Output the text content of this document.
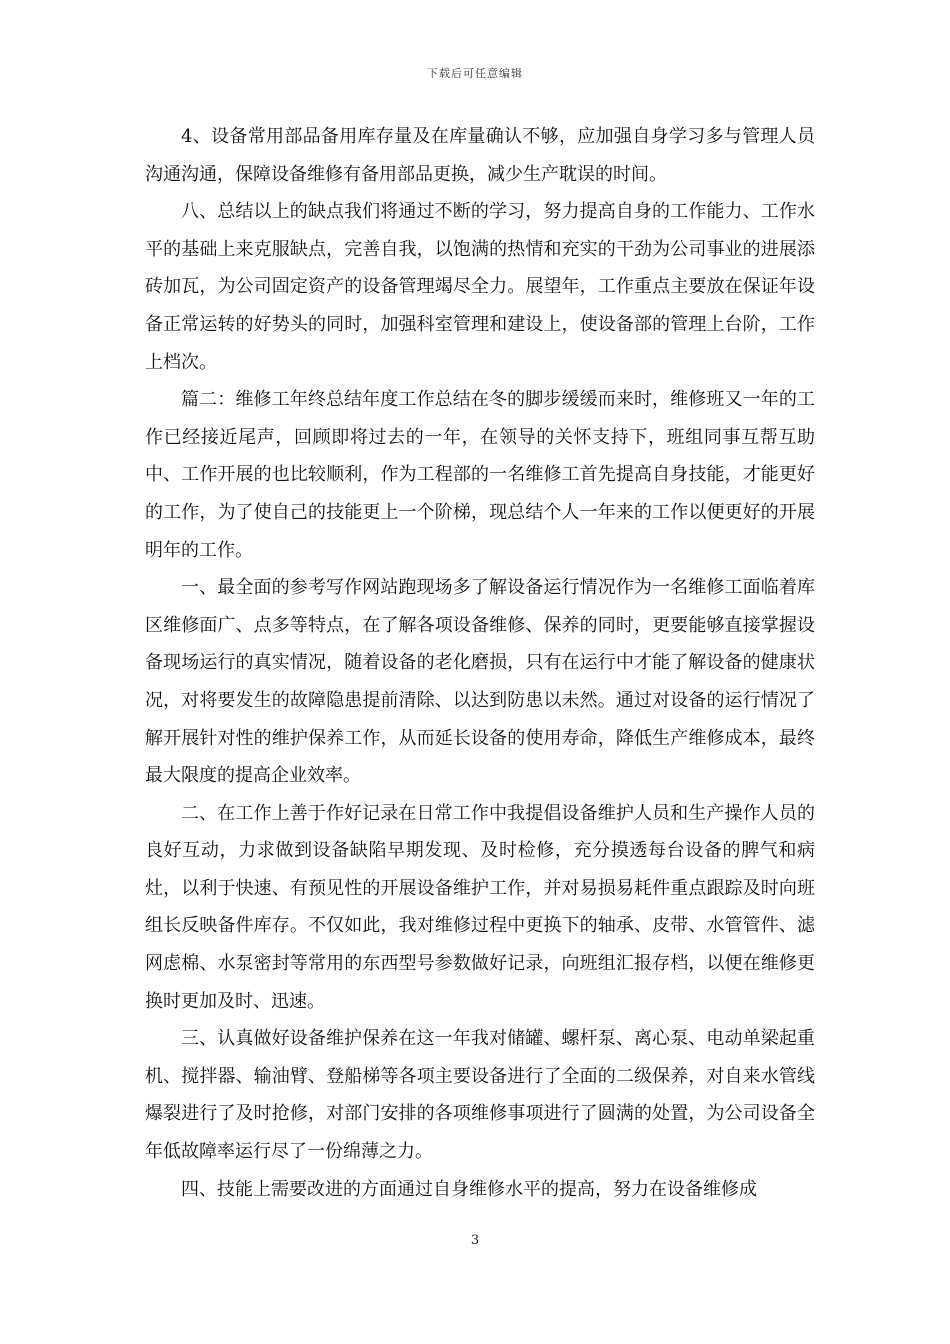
下载后可任意编辑

4、设备常用部品备用库存量及在库量确认不够，应加强自身学习多与管理人员沟通沟通，保障设备维修有备用部品更换，减少生产耽误的时间。

八、总结以上的缺点我们将通过不断的学习，努力提高自身的工作能力、工作水平的基础上来克服缺点，完善自我，以饱满的热情和充实的干劲为公司事业的进展添砖加瓦，为公司固定资产的设备管理竭尽全力。展望年，工作重点主要放在保证年设备正常运转的好势头的同时，加强科室管理和建设上，使设备部的管理上台阶，工作上档次。

篇二：维修工年终总结年度工作总结在冬的脚步缓缓而来时，维修班又一年的工作已经接近尾声，回顾即将过去的一年，在领导的关怀支持下，班组同事互帮互助中、工作开展的也比较顺利，作为工程部的一名维修工首先提高自身技能，才能更好的工作，为了使自己的技能更上一个阶梯，现总结个人一年来的工作以便更好的开展明年的工作。

一、最全面的参考写作网站跑现场多了解设备运行情况作为一名维修工面临着库区维修面广、点多等特点，在了解各项设备维修、保养的同时，更要能够直接掌握设备现场运行的真实情况，随着设备的老化磨损，只有在运行中才能了解设备的健康状况，对将要发生的故障隐患提前清除、以达到防患以未然。通过对设备的运行情况了解开展针对性的维护保养工作，从而延长设备的使用寿命，降低生产维修成本，最终最大限度的提高企业效率。

二、在工作上善于作好记录在日常工作中我提倡设备维护人员和生产操作人员的良好互动，力求做到设备缺陷早期发现、及时检修，充分摸透每台设备的脾气和病灶，以利于快速、有预见性的开展设备维护工作，并对易损易耗件重点跟踪及时向班组长反映备件库存。不仅如此，我对维修过程中更换下的轴承、皮带、水管管件、滤网虑棉、水泵密封等常用的东西型号参数做好记录，向班组汇报存档，以便在维修更换时更加及时、迅速。

三、认真做好设备维护保养在这一年我对储罐、螺杆泵、离心泵、电动单梁起重机、搅拌器、输油臂、登船梯等各项主要设备进行了全面的二级保养，对自来水管线爆裂进行了及时抢修，对部门安排的各项维修事项进行了圆满的处置，为公司设备全年低故障率运行尽了一份绵薄之力。

四、技能上需要改进的方面通过自身维修水平的提高，努力在设备维修成

3
